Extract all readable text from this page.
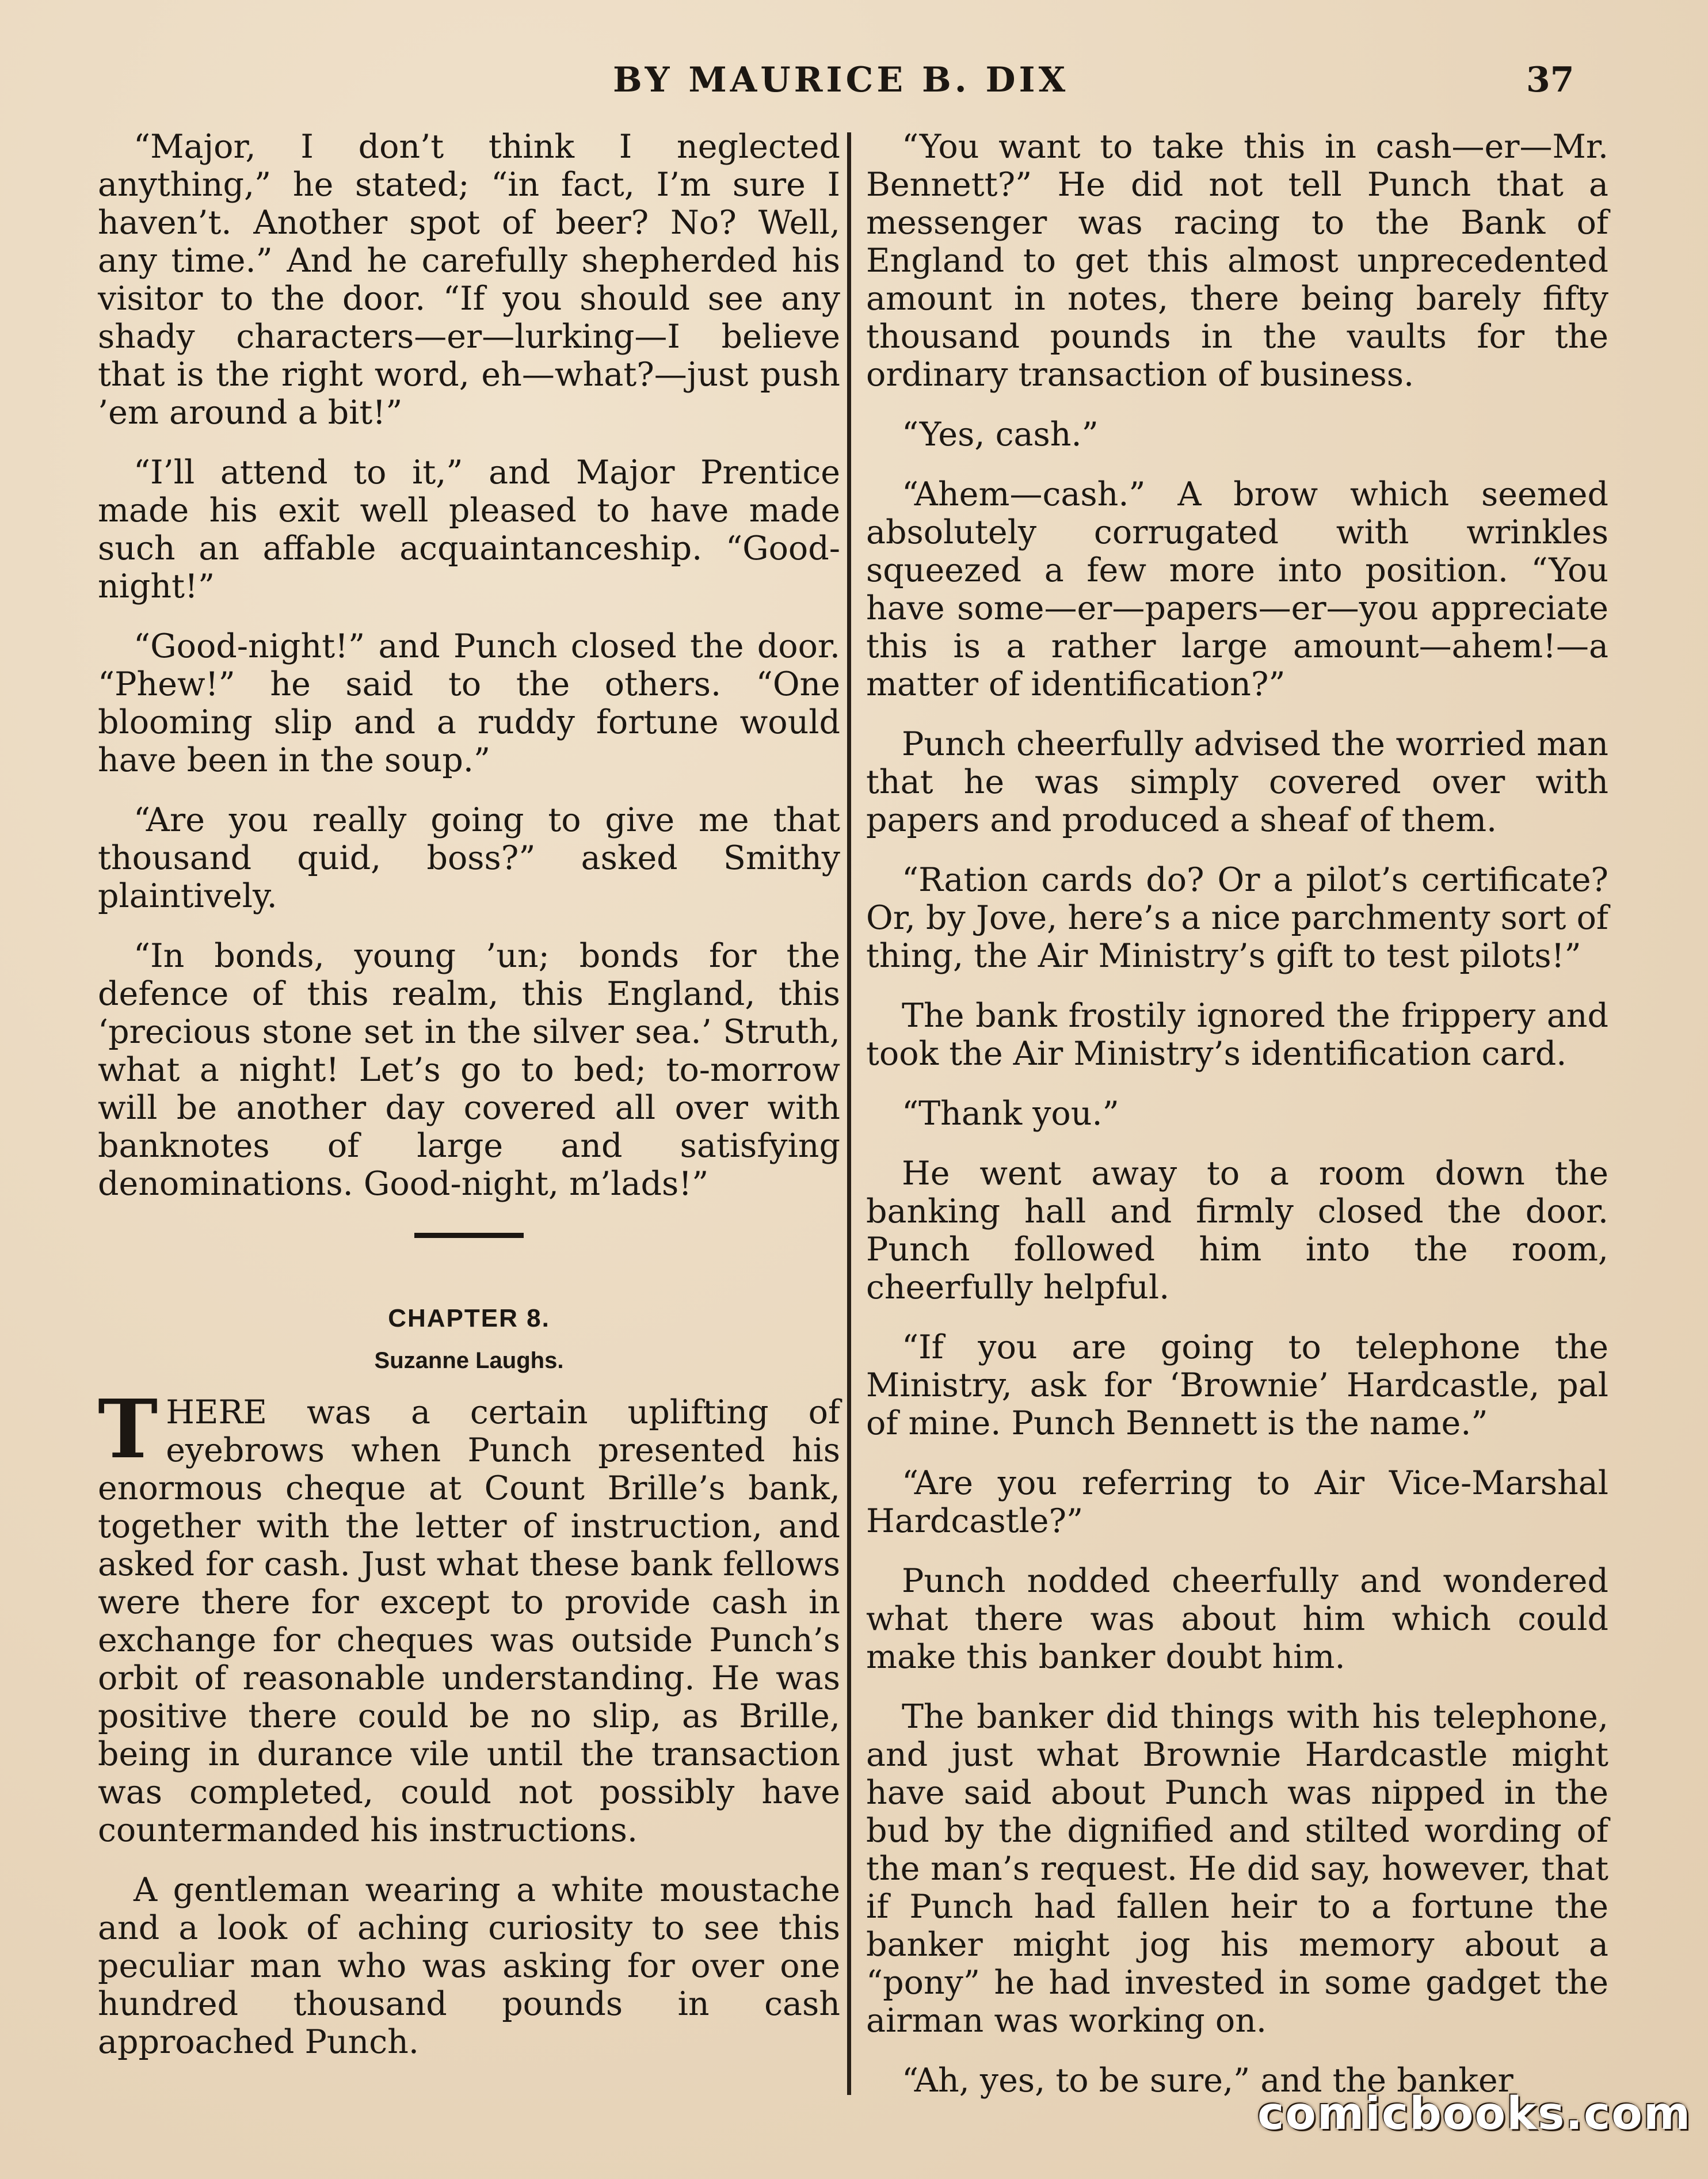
BY MAURICE B. DIX	37

“Major, I don’t think I neglected anything,” he stated; “in fact, I’m sure I haven’t. Another spot of beer? No? Well, any time.” And he carefully shepherded his visitor to the door. “If you should see any shady characters—er—lurking—I believe that is the right word, eh—what?—just push ’em around a bit!”

“I’ll attend to it,” and Major Prentice made his exit well pleased to have made such an affable acquaintanceship. “Good-night!”

“Good-night!” and Punch closed the door. “Phew!” he said to the others. “One blooming slip and a ruddy fortune would have been in the soup.”

“Are you really going to give me that thousand quid, boss?” asked Smithy plaintively.

“In bonds, young ’un; bonds for the defence of this realm, this England, this ‘precious stone set in the silver sea.’ Struth, what a night! Let’s go to bed; to-morrow will be another day covered all over with banknotes of large and satisfying denominations. Good-night, m’lads!”

CHAPTER 8.
Suzanne Laughs.
T HERE was a certain uplifting of eyebrows when Punch presented his enormous cheque at Count Brille’s bank, together with the letter of instruction, and asked for cash. Just what these bank fellows were there for except to provide cash in exchange for cheques was outside Punch’s orbit of reasonable understanding. He was positive there could be no slip, as Brille, being in durance vile until the transaction was completed, could not possibly have countermanded his instructions.

A gentleman wearing a white moustache and a look of aching curiosity to see this peculiar man who was asking for over one hundred thousand pounds in cash approached Punch.

“You want to take this in cash—er—Mr. Bennett?” He did not tell Punch that a messenger was racing to the Bank of England to get this almost unprecedented amount in notes, there being barely fifty thousand pounds in the vaults for the ordinary transaction of business.

“Yes, cash.”

“Ahem—cash.” A brow which seemed absolutely corrugated with wrinkles squeezed a few more into position. “You have some—er—papers—er—you appreciate this is a rather large amount—ahem!—a matter of identification?”

Punch cheerfully advised the worried man that he was simply covered over with papers and produced a sheaf of them.

“Ration cards do? Or a pilot’s certificate? Or, by Jove, here’s a nice parchmenty sort of thing, the Air Ministry’s gift to test pilots!”

The bank frostily ignored the frippery and took the Air Ministry’s identification card.

“Thank you.”

He went away to a room down the banking hall and firmly closed the door. Punch followed him into the room, cheerfully helpful.

“If you are going to telephone the Ministry, ask for ‘Brownie’ Hardcastle, pal of mine. Punch Bennett is the name.”

“Are you referring to Air Vice-Marshal Hardcastle?”

Punch nodded cheerfully and wondered what there was about him which could make this banker doubt him.

The banker did things with his telephone, and just what Brownie Hardcastle might have said about Punch was nipped in the bud by the dignified and stilted wording of the man’s request. He did say, however, that if Punch had fallen heir to a fortune the banker might jog his memory about a “pony” he had invested in some gadget the airman was working on.

“Ah, yes, to be sure,” and the banker

comicbooks.com
